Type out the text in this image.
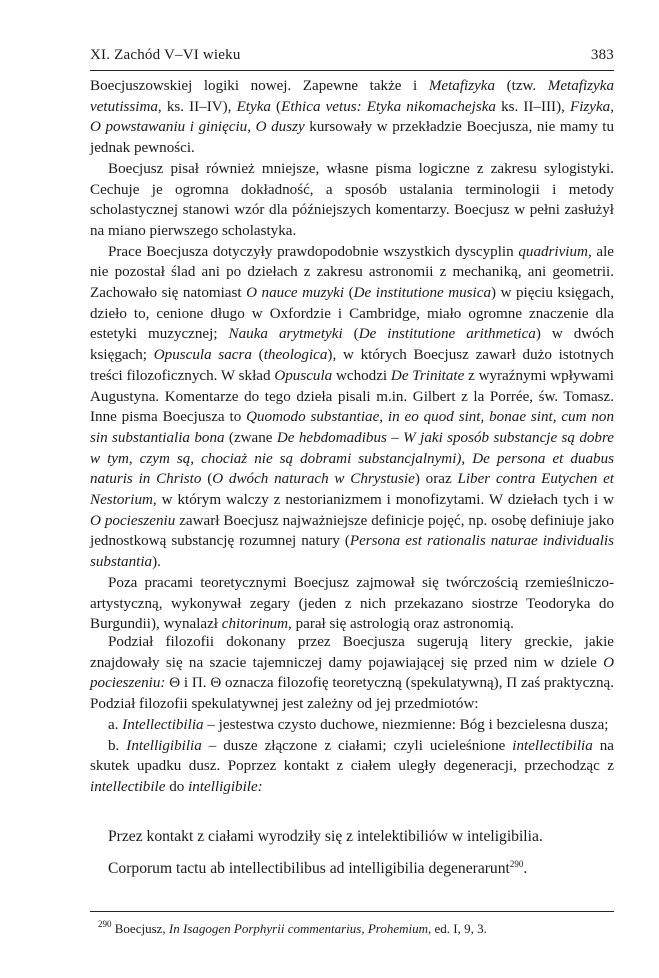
XI. Zachód V–VI wieku	383

Boecjuszowskiej logiki nowej. Zapewne także i Metafizyka (tzw. Metafizyka vetutissima, ks. II–IV), Etyka (Ethica vetus: Etyka nikomachejska ks. II–III), Fizyka, O powstawaniu i ginięciu, O duszy kursowały w przekładzie Boecjusza, nie mamy tu jednak pewności.

Boecjusz pisał również mniejsze, własne pisma logiczne z zakresu sylogistyki. Cechuje je ogromna dokładność, a sposób ustalania terminologii i metody scholastycznej stanowi wzór dla późniejszych komentarzy. Boecjusz w pełni zasłużył na miano pierwszego scholastyka.

Prace Boecjusza dotyczyły prawdopodobnie wszystkich dyscyplin quadrivium, ale nie pozostał ślad ani po dziełach z zakresu astronomii z mechaniką, ani geometrii. Zachowało się natomiast O nauce muzyki (De institutione musica) w pięciu księgach, dzieło to, cenione długo w Oxfordzie i Cambridge, miało ogromne znaczenie dla estetyki muzycznej; Nauka arytmetyki (De institutione arithmetica) w dwóch księgach; Opuscula sacra (theologica), w których Boecjusz zawarł dużo istotnych treści filozoficznych. W skład Opuscula wchodzi De Trinitate z wyraźnymi wpływami Augustyna. Komentarze do tego dzieła pisali m.in. Gilbert z la Porrée, św. Tomasz. Inne pisma Boecjusza to Quomodo substantiae, in eo quod sint, bonae sint, cum non sin substantialia bona (zwane De hebdomadibus – W jaki sposób substancje są dobre w tym, czym są, chociaż nie są dobrami substancjalnymi), De persona et duabus naturis in Christo (O dwóch naturach w Chrystusie) oraz Liber contra Eutychen et Nestorium, w którym walczy z nestorianizmem i monofizytami. W dziełach tych i w O pocieszeniu zawarł Boecjusz najważniejsze definicje pojęć, np. osobę definiuje jako jednostkową substancję rozumnej natury (Persona est rationalis naturae individualis substantia).

Poza pracami teoretycznymi Boecjusz zajmował się twórczością rzemieślniczo-artystyczną, wykonywał zegary (jeden z nich przekazano siostrze Teodoryka do Burgundii), wynalazł chitorinum, parał się astrologią oraz astronomią.

Podział filozofii dokonany przez Boecjusza sugerują litery greckie, jakie znajdowały się na szacie tajemniczej damy pojawiającej się przed nim w dziele O pocieszeniu: Θ i Π. Θ oznacza filozofię teoretyczną (spekulatywną), Π zaś praktyczną. Podział filozofii spekulatywnej jest zależny od jej przedmiotów:

a. Intellectibilia – jestestwa czysto duchowe, niezmienne: Bóg i bezcielesna dusza;

b. Intelligibilia – dusze złączone z ciałami; czyli ucieleśnione intellectibilia na skutek upadku dusz. Poprzez kontakt z ciałem uległy degeneracji, przechodząc z intellectibile do intelligibile:

Przez kontakt z ciałami wyrodziły się z intelektibiliów w inteligibilia.
Corporum tactu ab intellectibilibus ad intelligibilia degenerarunt$^{290}$.
$^{290}$ Boecjusz, In Isagogen Porphyrii commentarius, Prohemium, ed. I, 9, 3.
